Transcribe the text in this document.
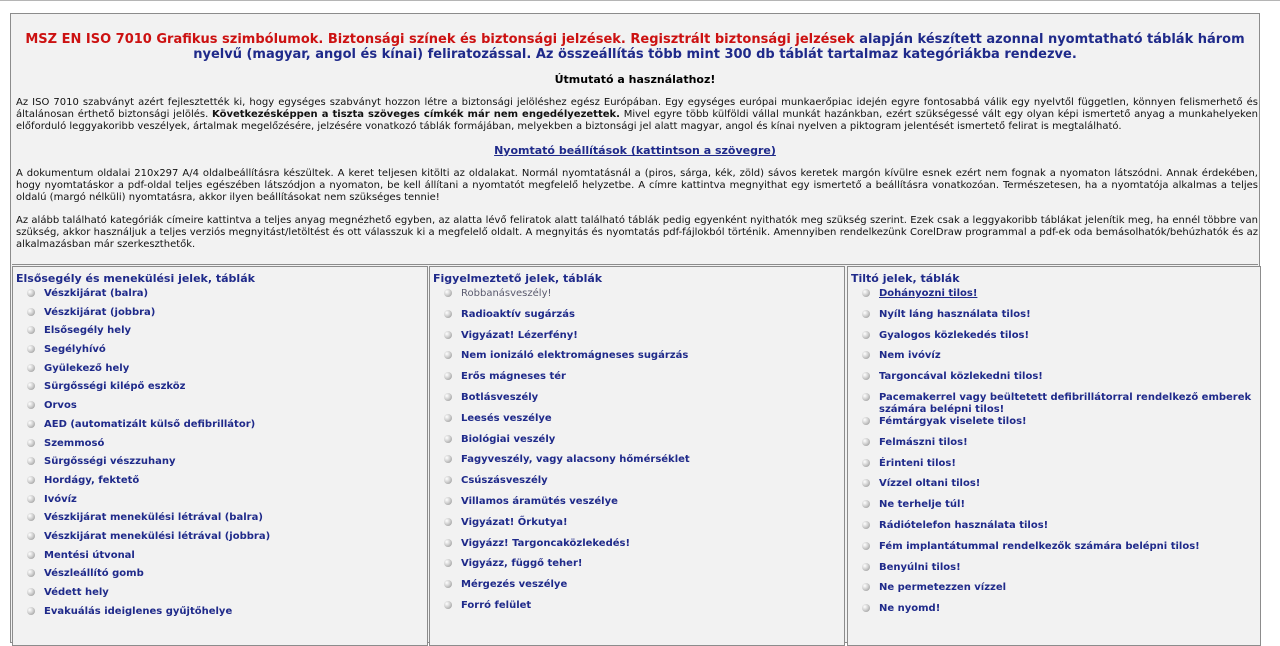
MSZ EN ISO 7010 Grafikus szimbólumok. Biztonsági színek és biztonsági jelzések. Regisztrált biztonsági jelzések alapján készített azonnal nyomtatható táblák három nyelvű (magyar, angol és kínai) feliratozással. Az összeállítás több mint 300 db táblát tartalmaz kategóriákba rendezve.
Útmutató a használathoz!
Az ISO 7010 szabványt azért fejlesztették ki, hogy egységes szabványt hozzon létre a biztonsági jelöléshez egész Európában. Egy egységes európai munkaerőpiac idején egyre fontosabbá válik egy nyelvtől független, könnyen felismerhető és általánosan érthető biztonsági jelölés. Következésképpen a tiszta szöveges címkék már nem engedélyezettek. Mivel egyre több külföldi vállal munkát hazánkban, ezért szükségessé vált egy olyan képi ismertető anyag a munkahelyeken előforduló leggyakoribb veszélyek, ártalmak megelőzésére, jelzésére vonatkozó táblák formájában, melyekben a biztonsági jel alatt magyar, angol és kínai nyelven a piktogram jelentését ismertető felirat is megtalálható.
Nyomtató beállítások (kattintson a szövegre)
A dokumentum oldalai 210x297 A/4 oldalbeállításra készültek. A keret teljesen kitölti az oldalakat. Normál nyomtatásnál a (piros, sárga, kék, zöld) sávos keretek margón kívülre esnek ezért nem fognak a nyomaton látszódni. Annak érdekében, hogy nyomtatáskor a pdf-oldal teljes egészében látszódjon a nyomaton, be kell állítani a nyomtatót megfelelő helyzetbe. A címre kattintva megnyithat egy ismertető a beállításra vonatkozóan. Természetesen, ha a nyomtatója alkalmas a teljes oldalú (margó nélküli) nyomtatásra, akkor ilyen beállításokat nem szükséges tennie!
Az alább található kategóriák címeire kattintva a teljes anyag megnézhető egyben, az alatta lévő feliratok alatt található táblák pedig egyenként nyithatók meg szükség szerint. Ezek csak a leggyakoribb táblákat jelenítik meg, ha ennél többre van szükség, akkor használjuk a teljes verziós megnyitást/letöltést és ott válasszuk ki a megfelelő oldalt. A megnyitás és nyomtatás pdf-fájlokból történik. Amennyiben rendelkezünk CorelDraw programmal a pdf-ek oda bemásolhatók/behúzhatók és az alkalmazásban már szerkeszthetők.
Elsősegély és menekülési jelek, táblák
Vészkijárat (balra)
Vészkijárat (jobbra)
Elsősegély hely
Segélyhívó
Gyülekező hely
Sürgősségi kilépő eszköz
Orvos
AED (automatizált külső defibrillátor)
Szemmosó
Sürgősségi vészzuhany
Hordágy, fektető
Ivóvíz
Vészkijárat menekülési létrával (balra)
Vészkijárat menekülési létrával (jobbra)
Mentési útvonal
Vészleállító gomb
Védett hely
Evakuálás ideiglenes gyűjtőhelye
Figyelmeztető jelek, táblák
Robbanásveszély!
Radioaktív sugárzás
Vigyázat! Lézerfény!
Nem ionizáló elektromágneses sugárzás
Erős mágneses tér
Botlásveszély
Leesés veszélye
Biológiai veszély
Fagyveszély, vagy alacsony hőmérséklet
Csúszásveszély
Villamos áramütés veszélye
Vigyázat! Őrkutya!
Vigyázz! Targoncaközlekedés!
Vigyázz, függő teher!
Mérgezés veszélye
Forró felület
Tiltó jelek, táblák
Dohányozni tilos!
Nyílt láng használata tilos!
Gyalogos közlekedés tilos!
Nem ivóvíz
Targoncával közlekedni tilos!
Pacemakerrel vagy beültetett defibrillátorral rendelkező emberek számára belépni tilos!
Fémtárgyak viselete tilos!
Felmászni tilos!
Érinteni tilos!
Vízzel oltani tilos!
Ne terhelje túl!
Rádiótelefon használata tilos!
Fém implantátummal rendelkezők számára belépni tilos!
Benyúlni tilos!
Ne permetezzen vízzel
Ne nyomd!
